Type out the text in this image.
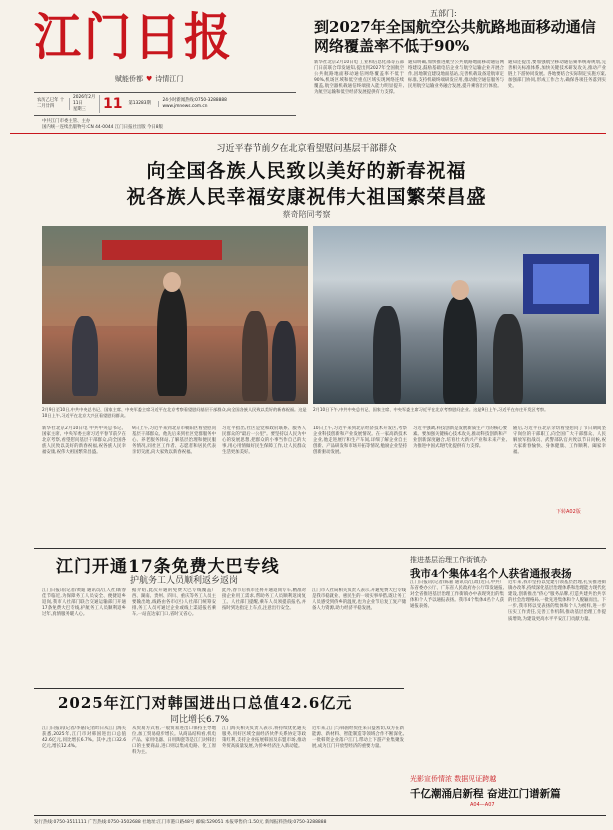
江门日报
赋能侨都 ♥ 诗情江门
五部门:
到2027年全国航空公共航路地面移动通信网络覆盖率不低于90%
新华社北京2月10日电 工业和信息化部等五部门日前联合印发通知,提出到2027年全国航空公共航路地面移动通信网络覆盖率不低于90%,机场区域和低空重点区域实现网络连续覆盖,航空器机载通信终端接入能力明显提升,为航空运输和低空经济发展提供有力支撑。
通知明确,加快推进航空公共航路地面移动通信网络建设,鼓励基础电信企业与航空运输企业开展合作,因地制宜建设地面基站,完善机载设备适航审定标准,支持机载终端研发应用,推动航空通信服务与民用航空运输业务融合发展,提升乘客出行体验。
通知还提出,要加强航空移动通信频率统筹规划,完善相关标准体系,加快关键技术研发攻关,推动产业链上下游协同发展。各地要结合实际制定实施方案,加强部门协同,形成工作合力,确保各项任务落到实处。
农历乙巳年 十二月廿四
2026年2月11日
星期三	11	第13283期
24小时新闻热线:0750-3288888
www.jmnews.com.cn
中共江门市委主管、主办
国内统一连续出版物号:CN 44-0044 江门日报社出版 今日8版
习近平春节前夕在北京看望慰问基层干部群众
向全国各族人民致以美好的新春祝福
祝各族人民幸福安康祝伟大祖国繁荣昌盛
蔡奇陪同考察
2月9日至10日,中共中央总书记、国家主席、中央军委主席习近平在北京考察看望慰问基层干部群众,向全国各族人民致以美好的新春祝福。这是10日上午,习近平在北京大兴区看望慰问群众。
2月10日下午,中共中央总书记、国家主席、中央军委主席习近平在北京考察慰问企业。这是9日上午,习近平在亦庄开发区考察。
新华社北京2月10日电 中共中央总书记、国家主席、中央军委主席习近平春节前夕在北京考察,看望慰问基层干部群众,向全国各族人民致以美好的新春祝福,祝各族人民幸福安康,祝伟大祖国繁荣昌盛。
9日上午,习近平来到北京市朝阳区看望慰问基层干部群众。他先后来到社区党群服务中心、养老服务驿站,了解基层治理和便民服务情况,同社区工作者、志愿者和居民代表亲切交流,向大家致以新春祝福。
习近平指出,社区是党和政府联系、服务人民群众的"最后一公里"。要坚持以人民为中心的发展思想,把群众的小事当作自己的大事,用心用情做好民生保障工作,让人民群众生活更加美好。
10日上午,习近平来到北京经济技术开发区,考察企业科技创新和产业发展情况。在一家高新技术企业,他走进展厅和生产车间,详细了解企业自主创新、产品研发和市场开拓等情况,勉励企业坚持创新驱动发展。
习近平强调,科技创新是发展新质生产力的核心要素。要加强关键核心技术攻关,推动科技创新和产业创新深度融合,培育壮大新兴产业和未来产业,为推进中国式现代化提供有力支撑。
随后,习近平在北京亲切看望慰问了节日期间坚守岗位的干部职工,向全国广大干部群众、人民解放军指战员、武警部队官兵致以节日问候,祝大家新春愉快、身体健康、工作顺利、阖家幸福。
下转A02版
江门开通17条免费大巴专线
护航务工人员顺利返乡返岗
江门日报讯(记者/黄迪 通讯员/江人社)新春佳节临近,为保障务工人员安全、便捷返乡返岗,我市人社部门联合交通运输部门开通17条免费大巴专线,护航务工人员顺利返乡过年,真情服务暖人心。
据介绍,此次开通的免费大巴专线覆盖广西、湖南、贵州、四川、重庆等务工人员主要输出地,线路由各市(区)人社部门统筹安排,务工人员可通过企业或线上渠道报名乘车,一站直达家门口,省时又省心。
此外,春节后我市还将开通返岗专车,精准对接企业用工需求,帮助务工人员顺利返岗复工。人社部门提醒,乘车人员须提前报名,并按时到达指定上车点,注意出行安全。
江门市人社局相关负责人表示,开通免费大巴专线是我市稳就业、惠民生的一项实事举措,既让务工人员感受到侨乡的温度,也为企业节后复工复产储备人力资源,助力经济平稳发展。
2025年江门对韩国进出口总值42.6亿元
同比增长6.7%
江门日报讯(记者/李嘉)记者昨日从江门海关获悉,2025年,江门市对韩国进出口总值42.6亿元,同比增长6.7%。其中,出口32.6亿元,增长12.4%。
从贸易方式看,一般贸易进出口保持主导地位,加工贸易稳步增长。从商品结构看,机电产品、家用电器、日用陶瓷等是江门对韩出口的主要商品,进口则以集成电路、化工原料为主。
江门海关相关负责人表示,将持续优化通关服务,用好区域全面经济伙伴关系协定等政策红利,支持企业拓展韩国及东盟市场,推动外贸高质量发展,为侨乡经济注入新动能。
近年来,江门与韩国经贸往来日益密切,双方在新能源、新材料、智能制造等领域合作不断深化,一批韩资企业落户江门,带动上下游产业集聚发展,成为江门开放型经济的重要力量。
推进基层治理工作街镇办
我市4个集体4名个人获省通报表扬
江门日报讯(记者/陈嘉 通讯员/江政)近日,中共广东省委办公厅、广东省人民政府办公厅印发通报,对全省推进基层治理工作街镇办中表现突出的集体和个人予以通报表扬。我市4个集体4名个人获通报表扬。
近年来,我市坚持以党建引领基层治理,扎实推进街镇办改革,持续深化基层治理体系和治理能力现代化建设,创新推出"侨心"服务品牌,打造共建共治共享的社会治理格局,一批先进集体和个人脱颖而出。下一步,我市将以受表扬的集体和个人为榜样,进一步压实工作责任,完善工作机制,推动基层治理工作提质增效,为建设更高水平平安江门贡献力量。
光影宣侨情浓 数据见证跨越
千亿潮涌启新程 奋进江门谱新篇
A04—A07
发行热线:0750-3511111 广告热线:0750-3502688 社地址:江门市港口路48号 邮编:529051 本报零售价:1.50元 新闻报料热线:0750-3288888
